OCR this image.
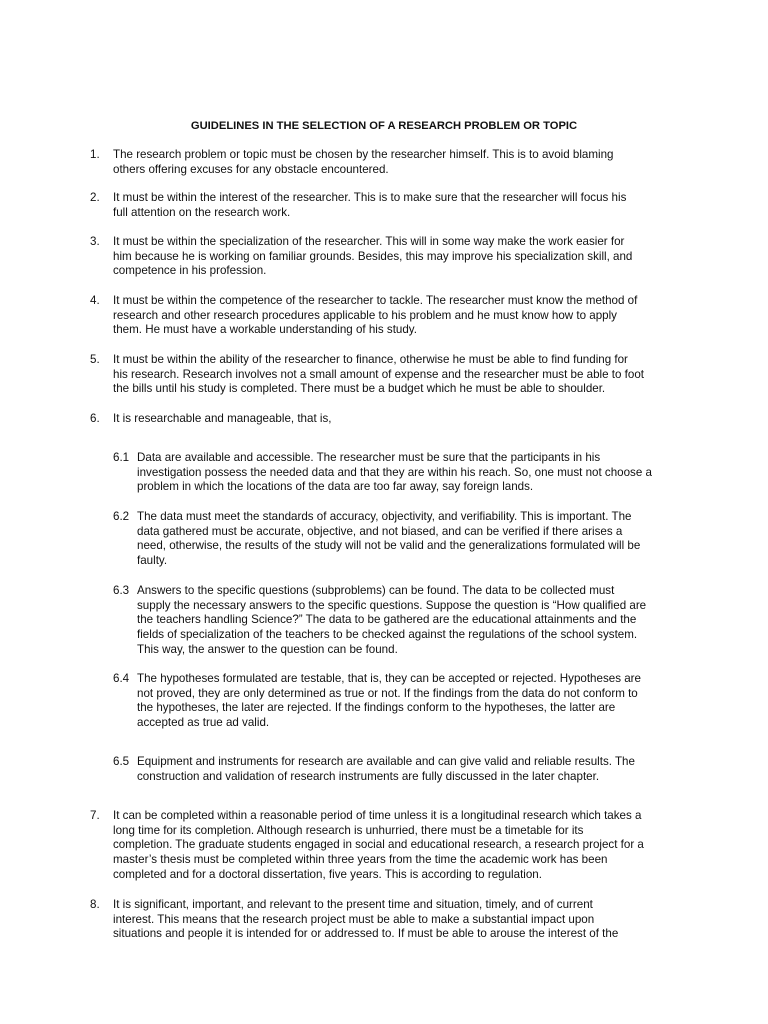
GUIDELINES IN THE SELECTION OF A RESEARCH PROBLEM OR TOPIC
1. The research problem or topic must be chosen by the researcher himself. This is to avoid blaming
others offering excuses for any obstacle encountered.
2. It must be within the interest of the researcher. This is to make sure that the researcher will focus his
full attention on the research work.
3. It must be within the specialization of the researcher. This will in some way make the work easier for
him because he is working on familiar grounds. Besides, this may improve his specialization skill, and
competence in his profession.
4. It must be within the competence of the researcher to tackle. The researcher must know the method of
research and other research procedures applicable to his problem and he must know how to apply
them. He must have a workable understanding of his study.
5. It must be within the ability of the researcher to finance, otherwise he must be able to find funding for
his research. Research involves not a small amount of expense and the researcher must be able to foot
the bills until his study is completed. There must be a budget which he must be able to shoulder.
6. It is researchable and manageable, that is,
6.1 Data are available and accessible. The researcher must be sure that the participants in his
investigation possess the needed data and that they are within his reach. So, one must not choose a
problem in which the locations of the data are too far away, say foreign lands.
6.2 The data must meet the standards of accuracy, objectivity, and verifiability. This is important. The
data gathered must be accurate, objective, and not biased, and can be verified if there arises a
need, otherwise, the results of the study will not be valid and the generalizations formulated will be
faulty.
6.3 Answers to the specific questions (subproblems) can be found. The data to be collected must
supply the necessary answers to the specific questions. Suppose the question is “How qualified are
the teachers handling Science?” The data to be gathered are the educational attainments and the
fields of specialization of the teachers to be checked against the regulations of the school system.
This way, the answer to the question can be found.
6.4 The hypotheses formulated are testable, that is, they can be accepted or rejected. Hypotheses are
not proved, they are only determined as true or not. If the findings from the data do not conform to
the hypotheses, the later are rejected. If the findings conform to the hypotheses, the latter are
accepted as true ad valid.
6.5 Equipment and instruments for research are available and can give valid and reliable results. The
construction and validation of research instruments are fully discussed in the later chapter.
7. It can be completed within a reasonable period of time unless it is a longitudinal research which takes a
long time for its completion. Although research is unhurried, there must be a timetable for its
completion. The graduate students engaged in social and educational research, a research project for a
master’s thesis must be completed within three years from the time the academic work has been
completed and for a doctoral dissertation, five years. This is according to regulation.
8. It is significant, important, and relevant to the present time and situation, timely, and of current
interest. This means that the research project must be able to make a substantial impact upon
situations and people it is intended for or addressed to. If must be able to arouse the interest of the
